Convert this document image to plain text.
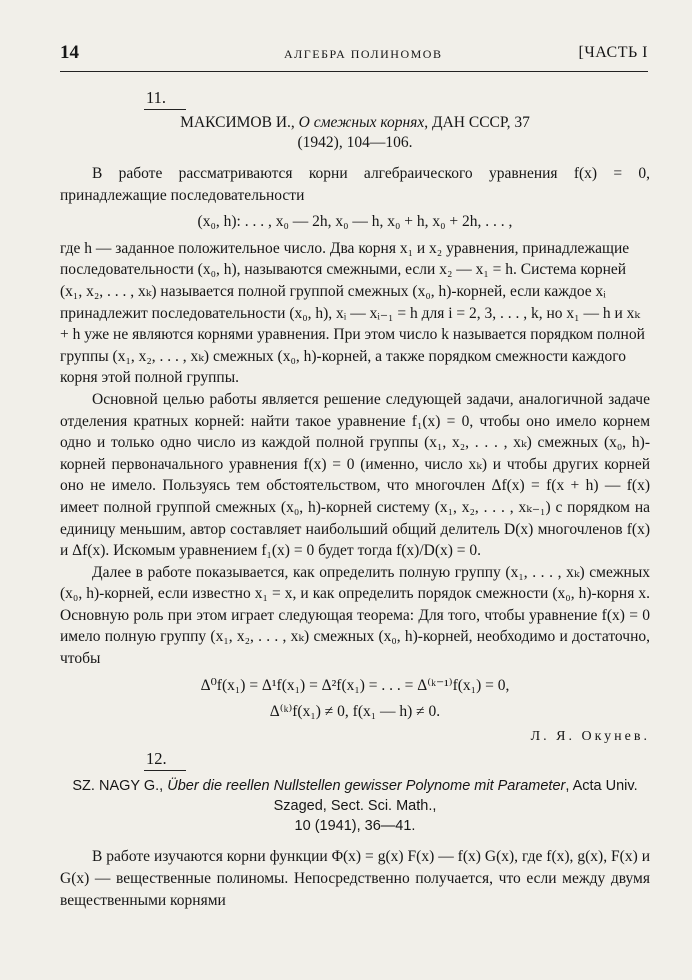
14	АЛГЕБРА ПОЛИНОМОВ	[ЧАСТЬ I
11.
МАКСИМОВ И., О смежных корнях, ДАН СССР, 37
(1942), 104—106.

В работе рассматриваются корни алгебраического уравнения f(x) = 0, принадлежащие последовательности

(x₀, h): . . . , x₀ — 2h, x₀ — h, x₀ + h, x₀ + 2h, . . . ,

где h — заданное положительное число. Два корня x₁ и x₂ уравнения, принадлежащие последовательности (x₀, h), называются смежными, если x₂ — x₁ = h. Система корней (x₁, x₂, . . . , xₖ) называется полной группой смежных (x₀, h)-корней, если каждое xᵢ принадлежит последовательности (x₀, h), xᵢ — xᵢ₋₁ = h для i = 2, 3, . . . , k, но x₁ — h и xₖ + h уже не являются корнями уравнения. При этом число k называется порядком полной группы (x₁, x₂, . . . , xₖ) смежных (x₀, h)-корней, а также порядком смежности каждого корня этой полной группы.

Основной целью работы является решение следующей задачи, аналогичной задаче отделения кратных корней: найти такое уравнение f₁(x) = 0, чтобы оно имело корнем одно и только одно число из каждой полной группы (x₁, x₂, . . . , xₖ) смежных (x₀, h)-корней первоначального уравнения f(x) = 0 (именно, число xₖ) и чтобы других корней оно не имело. Пользуясь тем обстоятельством, что многочлен Δf(x) = f(x + h) — f(x) имеет полной группой смежных (x₀, h)-корней систему (x₁, x₂, . . . , xₖ₋₁) с порядком на единицу меньшим, автор составляет наибольший общий делитель D(x) многочленов f(x) и Δf(x). Искомым уравнением f₁(x) = 0 будет тогда f(x)/D(x) = 0.

Далее в работе показывается, как определить полную группу (x₁, . . . , xₖ) смежных (x₀, h)-корней, если известно x₁ = x, и как определить порядок смежности (x₀, h)-корня x. Основную роль при этом играет следующая теорема: Для того, чтобы уравнение f(x) = 0 имело полную группу (x₁, x₂, . . . , xₖ) смежных (x₀, h)-корней, необходимо и достаточно, чтобы

Δ⁰f(x₁) = Δ¹f(x₁) = Δ²f(x₁) = . . . = Δ⁽ᵏ⁻¹⁾f(x₁) = 0,

Δ⁽ᵏ⁾f(x₁) ≠ 0, f(x₁ — h) ≠ 0.

Л. Я. Окунев.

12.
SZ. NAGY G., Über die reellen Nullstellen gewisser Polynome mit Parameter, Acta Univ. Szaged, Sect. Sci. Math.,
10 (1941), 36—41.

В работе изучаются корни функции Φ(x) = g(x) F(x) — f(x) G(x), где f(x), g(x), F(x) и G(x) — вещественные полиномы. Непосредственно получается, что если между двумя вещественными корнями
